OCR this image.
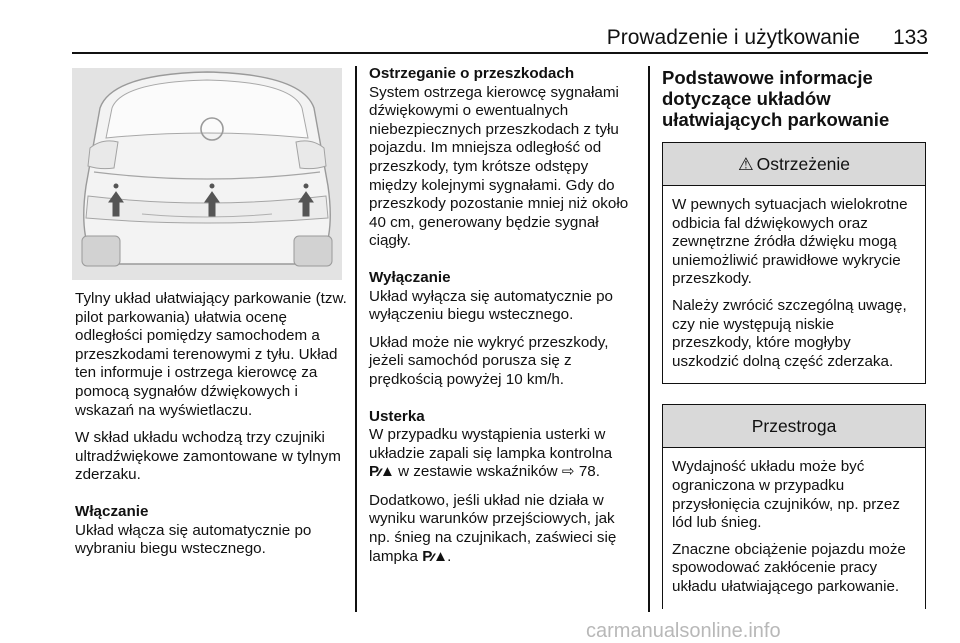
Prowadzenie i użytkowanie	133

Tylny układ ułatwiający parkowanie (tzw. pilot parkowania) ułatwia ocenę odległości pomiędzy samochodem a przeszkodami terenowymi z tyłu. Układ ten informuje i ostrzega kierowcę za pomocą sygnałów dźwiękowych i wskazań na wyświetlaczu.

W skład układu wchodzą trzy czujniki ultradźwiękowe zamontowane w tylnym zderzaku.

Włączanie

Układ włącza się automatycznie po wybraniu biegu wstecznego.

Ostrzeganie o przeszkodach

System ostrzega kierowcę sygnałami dźwiękowymi o ewentualnych niebezpiecznych przeszkodach z tyłu pojazdu. Im mniejsza odległość od przeszkody, tym krótsze odstępy między kolejnymi sygnałami. Gdy do przeszkody pozostanie mniej niż około 40 cm, generowany będzie sygnał ciągły.

Wyłączanie

Układ wyłącza się automatycznie po wyłączeniu biegu wstecznego.

Układ może nie wykryć przeszkody, jeżeli samochód porusza się z prędkością powyżej 10 km/h.

Usterka

W przypadku wystąpienia usterki w układzie zapali się lampka kontrolna P⁄⁄▲ w zestawie wskaźników ⇨ 78.

Dodatkowo, jeśli układ nie działa w wyniku warunków przejściowych, jak np. śnieg na czujnikach, zaświeci się lampka P⁄⁄▲.

Podstawowe informacje dotyczące układów ułatwiających parkowanie
⚠ Ostrzeżenie

W pewnych sytuacjach wielokrotne odbicia fal dźwiękowych oraz zewnętrzne źródła dźwięku mogą uniemożliwić prawidłowe wykrycie przeszkody.

Należy zwrócić szczególną uwagę, czy nie występują niskie przeszkody, które mogłyby uszkodzić dolną część zderzaka.

Przestroga

Wydajność układu może być ograniczona w przypadku przysłonięcia czujników, np. przez lód lub śnieg.

Znaczne obciążenie pojazdu może spowodować zakłócenie pracy układu ułatwiającego parkowanie.

carmanualsonline.info
